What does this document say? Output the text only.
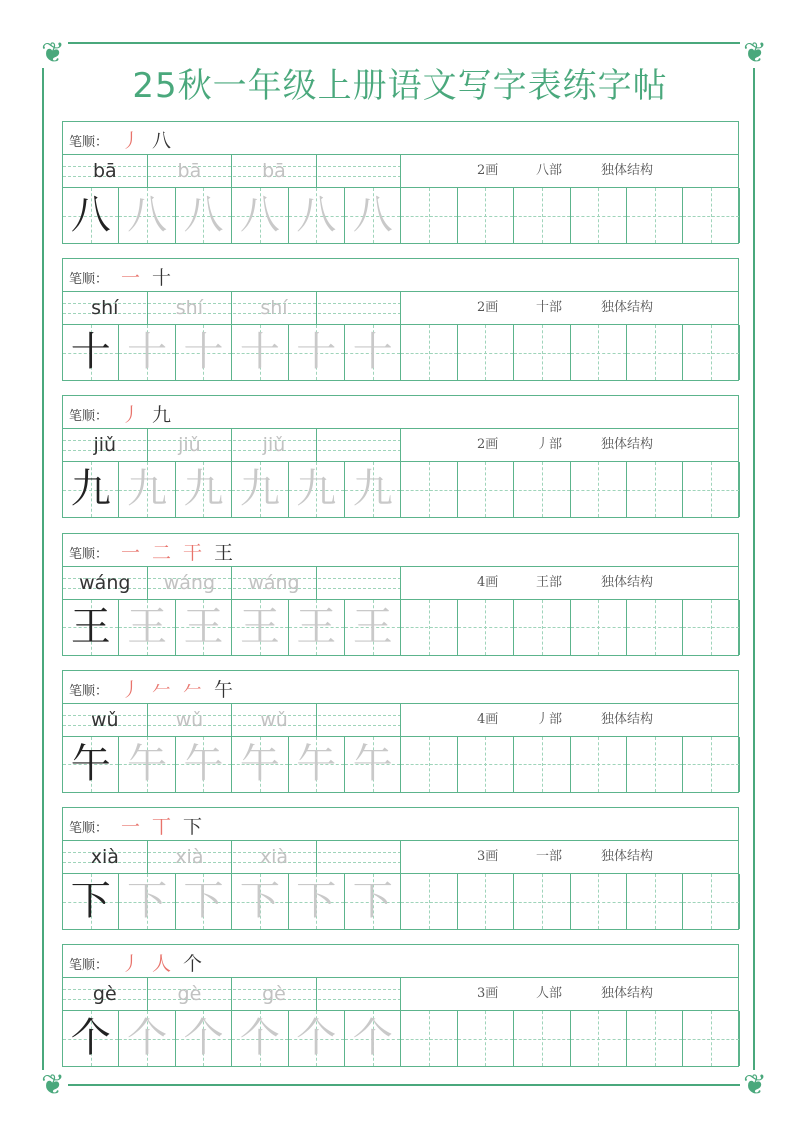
❦	❦
❦	❦
25秋一年级上册语文写字表练字帖
笔顺： 丿 八
bā	bā	bā	2画	八部	独体结构
八 八 八 八 八 八
笔顺： 一 十
shí	shí	shí	2画	十部	独体结构
十 十 十 十 十 十
笔顺： 丿 九
jiǔ	jiǔ	jiǔ	2画	丿部	独体结构
九 九 九 九 九 九
笔顺： 一 二 干 王
wáng	wáng	wáng	4画	王部	独体结构
王 王 王 王 王 王
笔顺： 丿 𠂉 𠂉 午
wǔ	wǔ	wǔ	4画	丿部	独体结构
午 午 午 午 午 午
笔顺： 一 丅 下
xià	xià	xià	3画	一部	独体结构
下 下 下 下 下 下
笔顺： 丿 人 个
gè	gè	gè	3画	人部	独体结构
个 个 个 个 个 个
